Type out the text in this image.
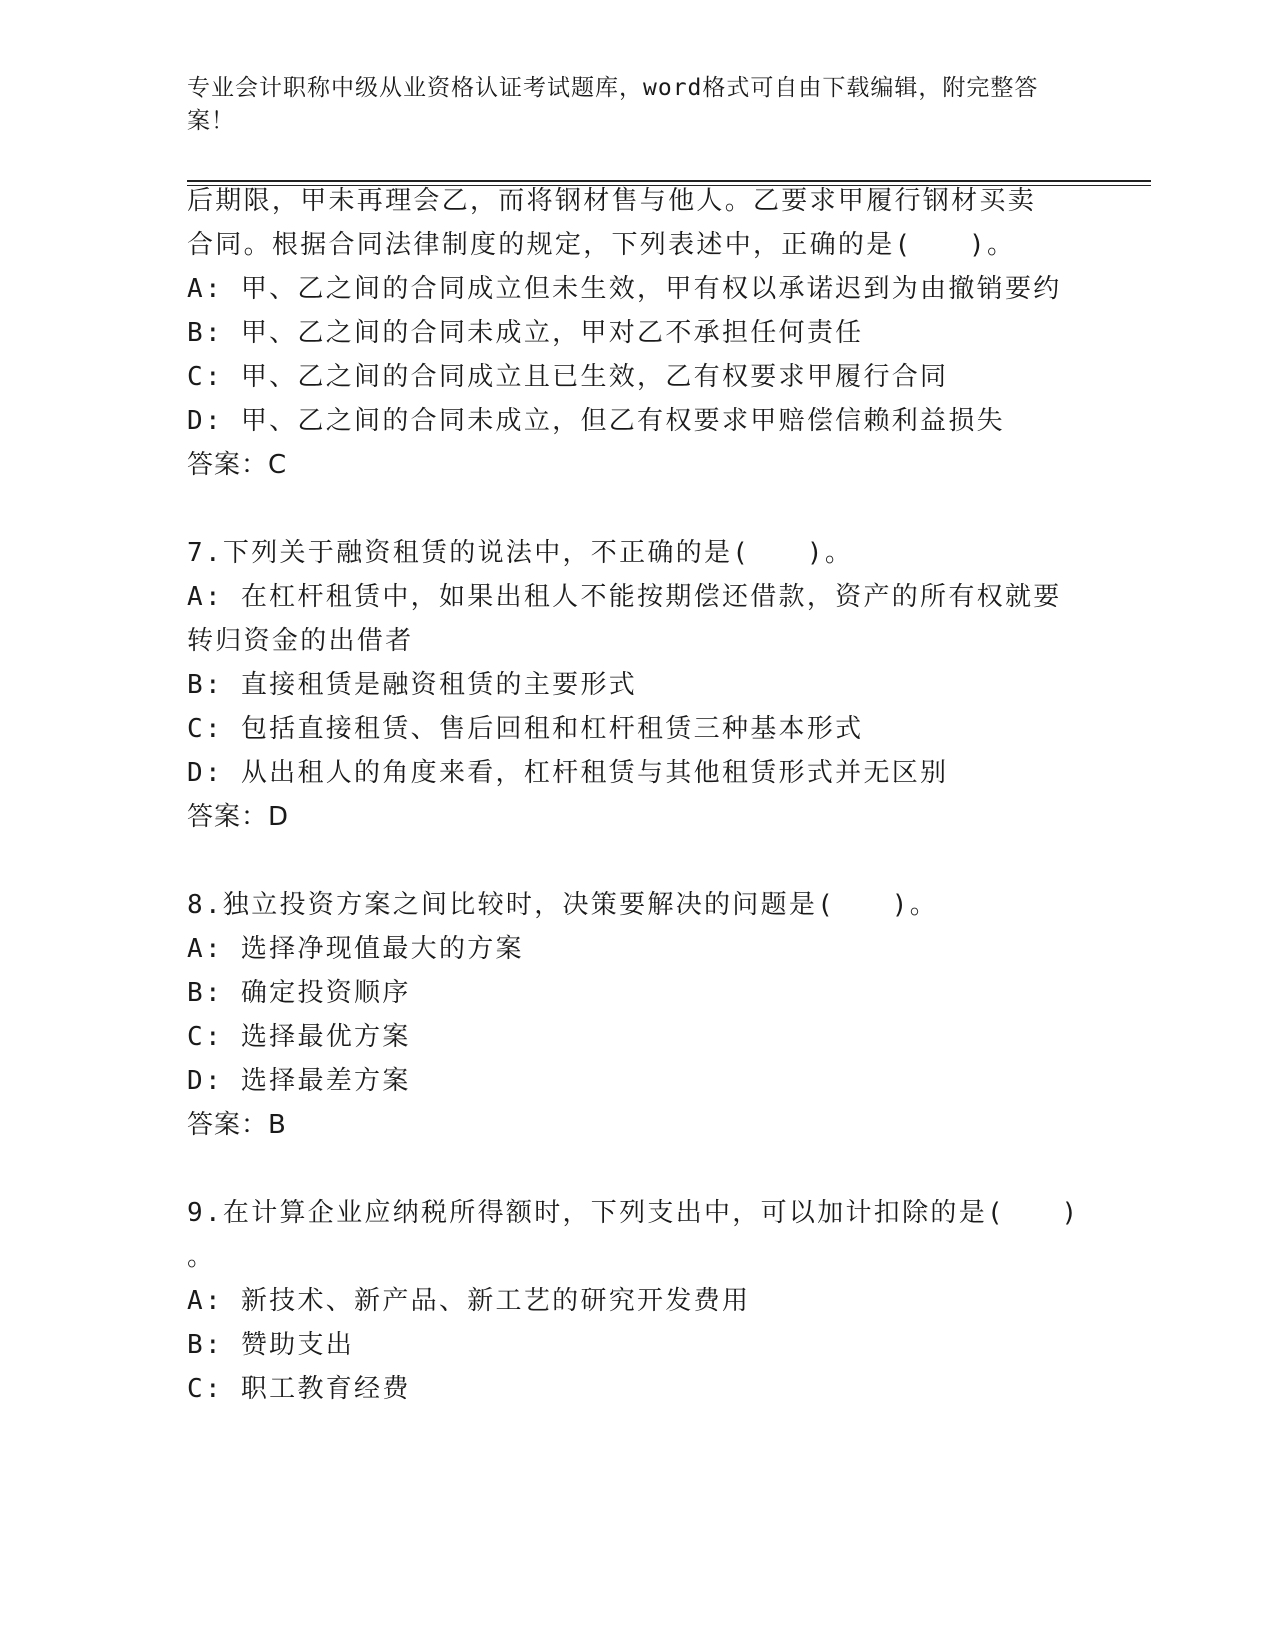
专业会计职称中级从业资格认证考试题库，word格式可自由下载编辑，附完整答案！

后期限，甲未再理会乙，而将钢材售与他人。乙要求甲履行钢材买卖

合同。根据合同法律制度的规定，下列表述中，正确的是(　　)。

A: 甲、乙之间的合同成立但未生效，甲有权以承诺迟到为由撤销要约

B: 甲、乙之间的合同未成立，甲对乙不承担任何责任

C: 甲、乙之间的合同成立且已生效，乙有权要求甲履行合同

D: 甲、乙之间的合同未成立，但乙有权要求甲赔偿信赖利益损失

答案：C

7.下列关于融资租赁的说法中，不正确的是(　　)。

A: 在杠杆租赁中，如果出租人不能按期偿还借款，资产的所有权就要

转归资金的出借者

B: 直接租赁是融资租赁的主要形式

C: 包括直接租赁、售后回租和杠杆租赁三种基本形式

D: 从出租人的角度来看，杠杆租赁与其他租赁形式并无区别

答案：D

8.独立投资方案之间比较时，决策要解决的问题是(　　)。

A: 选择净现值最大的方案

B: 确定投资顺序

C: 选择最优方案

D: 选择最差方案

答案：B

9.在计算企业应纳税所得额时，下列支出中，可以加计扣除的是(　　)

。

A: 新技术、新产品、新工艺的研究开发费用

B: 赞助支出

C: 职工教育经费
